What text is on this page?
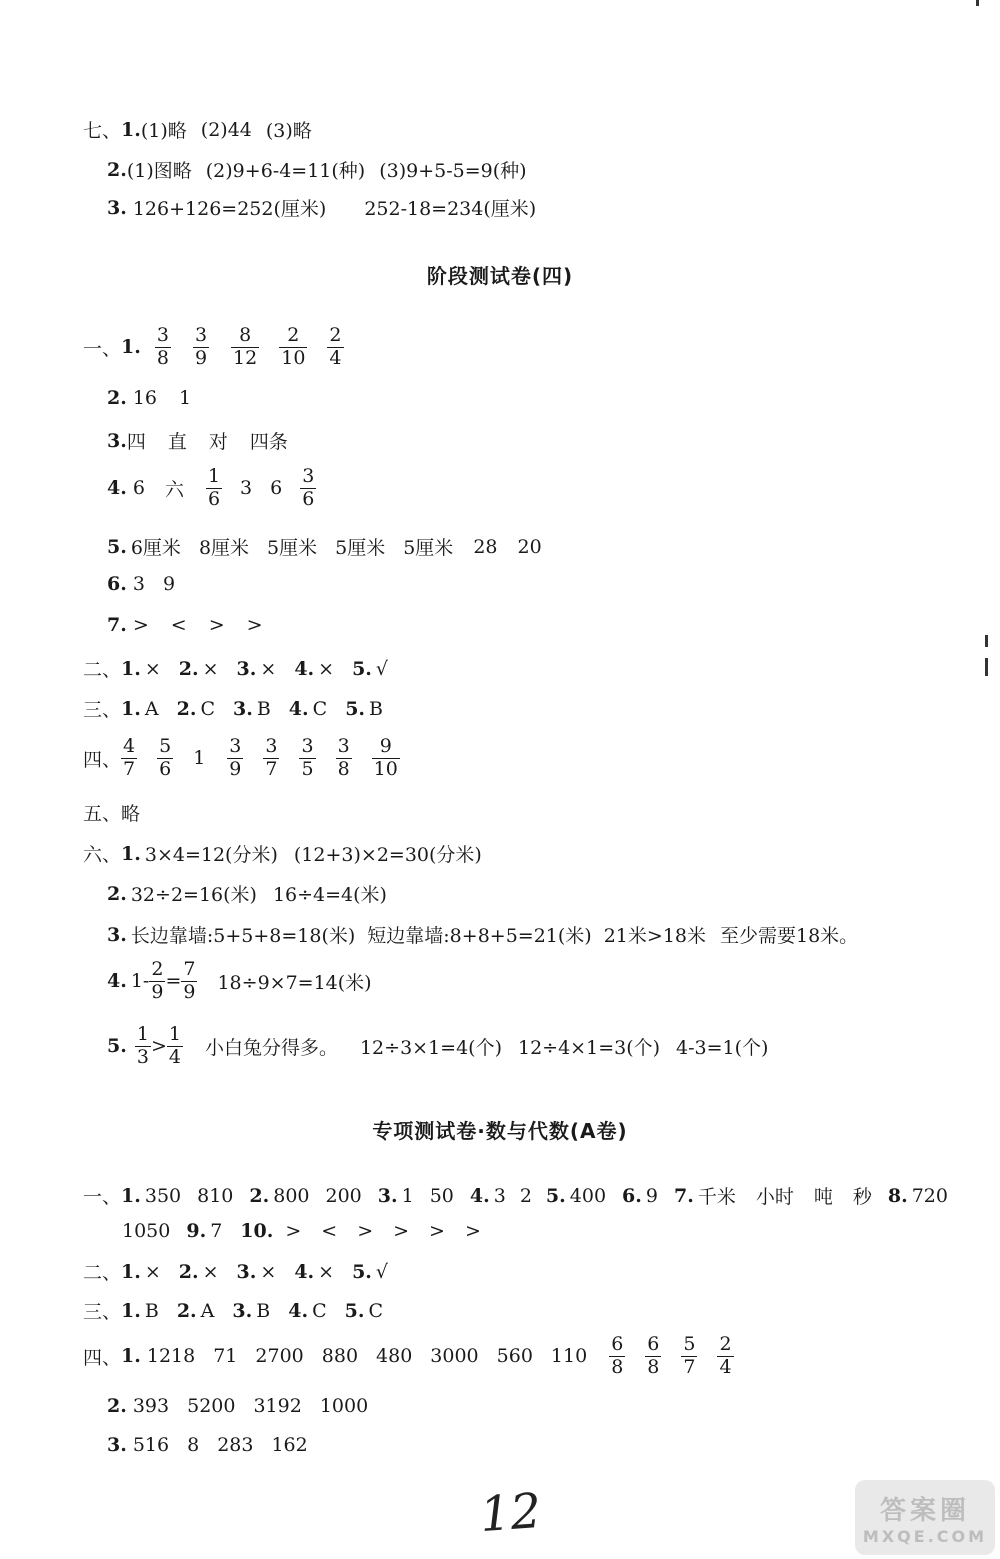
七、 1. (1)略 (2)44 (3)略
2. (1)图略 (2)9+6-4=11(种) (3)9+5-5=9(种)
3. 126+126=252(厘米) 252-18=234(厘米)
阶段测试卷(四)
一、 1. $\frac{3}{8} \frac{3}{9} \frac{8}{12} \frac{2}{10} \frac{2}{4}$
2. 16 1
3. 四 直 对 四条
4. 6 六 $\frac{1}{6} 3$ $6 \frac{3}{6}$
5. 6厘米 8厘米 5厘米 5厘米 5厘米 28 20
6. 3 9
7. > < > >
二、 1. × 2. × 3. × 4. × 5. √
三、 1. A 2. C 3. B 4. C 5. B
四、 $\frac{4}{7} \frac{5}{6} 1 \frac{3}{9} \frac{3}{7} \frac{3}{5} \frac{3}{8} \frac{9}{10}$
五、 略
六、 1. 3×4=12(分米) (12+3)×2=30(分米)
2. 32÷2=16(米) 16÷4=4(米)
3. 长边靠墙:5+5+8=18(米) 短边靠墙:8+8+5=21(米) 21米>18米 至少需要18米。
4. $1- \frac{2}{9} = \frac{7}{9} 18\div 9\times 7=14$(米)
5. $\frac{1}{3} > \frac{1}{4}$ 小白兔分得多。 12÷3×1=4(个) 12÷4×1=3(个) 4-3=1(个)
专项测试卷·数与代数(A卷)
一、 1. 350 810 2. 800 200 3. 1 50 4. 3 2 5. 400 6. 9 7. 千米 小时 吨 秒 8. 720
1050 9. 7 10. > < > > > >
二、 1. × 2. × 3. × 4. × 5. √
三、 1. B 2. A 3. B 4. C 5. C
四、 1. 1218 71 2700 880 480 3000 560 $110 \frac{6}{8} \frac{6}{8} \frac{5}{7} \frac{2}{4}$
2. 393 5200 3192 1000
3. 516 8 283 162
12	答案圈
MXQE.COM
